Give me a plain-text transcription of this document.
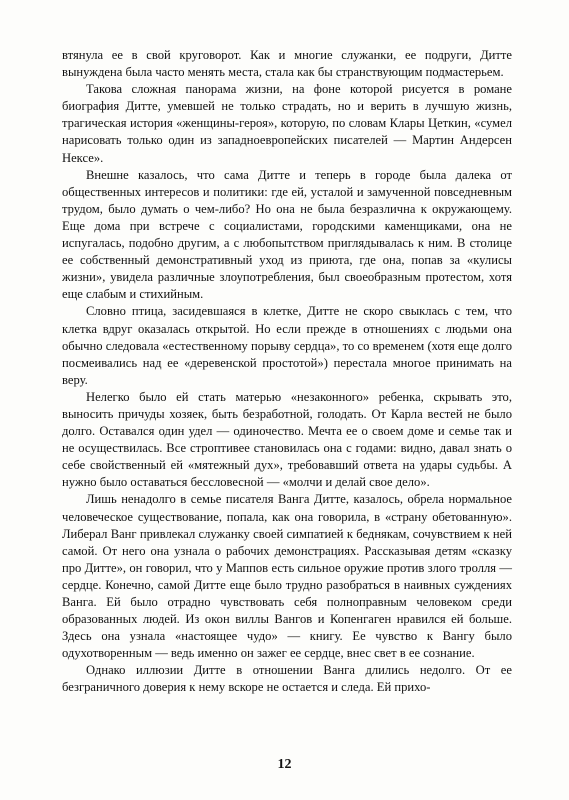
втянула ее в свой круговорот. Как и многие служанки, ее подруги, Дитте вынуждена была часто менять места, стала как бы странствующим подмастерьем.

Такова сложная панорама жизни, на фоне которой рисуется в романе биография Дитте, умевшей не только страдать, но и верить в лучшую жизнь, трагическая история «женщины-героя», которую, по словам Клары Цеткин, «сумел нарисовать только один из западноевропейских писателей — Мартин Андерсен Нексе».

Внешне казалось, что сама Дитте и теперь в городе была далека от общественных интересов и политики: где ей, усталой и замученной повседневным трудом, было думать о чем-либо? Но она не была безразлична к окружающему. Еще дома при встрече с социалистами, городскими каменщиками, она не испугалась, подобно другим, а с любопытством приглядывалась к ним. В столице ее собственный демонстративный уход из приюта, где она, попав за «кулисы жизни», увидела различные злоупотребления, был своеобразным протестом, хотя еще слабым и стихийным.

Словно птица, засидевшаяся в клетке, Дитте не скоро свыклась с тем, что клетка вдруг оказалась открытой. Но если прежде в отношениях с людьми она обычно следовала «естественному порыву сердца», то со временем (хотя еще долго посмеивались над ее «деревенской простотой») перестала многое принимать на веру.

Нелегко было ей стать матерью «незаконного» ребенка, скрывать это, выносить причуды хозяек, быть безработной, голодать. От Карла вестей не было долго. Оставался один удел — одиночество. Мечта ее о своем доме и семье так и не осуществилась. Все строптивее становилась она с годами: видно, давал знать о себе свойственный ей «мятежный дух», требовавший ответа на удары судьбы. А нужно было оставаться бессловесной — «молчи и делай свое дело».

Лишь ненадолго в семье писателя Ванга Дитте, казалось, обрела нормальное человеческое существование, попала, как она говорила, в «страну обетованную». Либерал Ванг привлекал служанку своей симпатией к беднякам, сочувствием к ней самой. От него она узнала о рабочих демонстрациях. Рассказывая детям «сказку про Дитте», он говорил, что у Маппов есть сильное оружие против злого тролля — сердце. Конечно, самой Дитте еще было трудно разобраться в наивных суждениях Ванга. Ей было отрадно чувствовать себя полноправным человеком среди образованных людей. Из окон виллы Вангов и Копенгаген нравился ей больше. Здесь она узнала «настоящее чудо» — книгу. Ее чувство к Вангу было одухотворенным — ведь именно он зажег ее сердце, внес свет в ее сознание.

Однако иллюзии Дитте в отношении Ванга длились недолго. От ее безграничного доверия к нему вскоре не остается и следа. Ей прихо-

12
